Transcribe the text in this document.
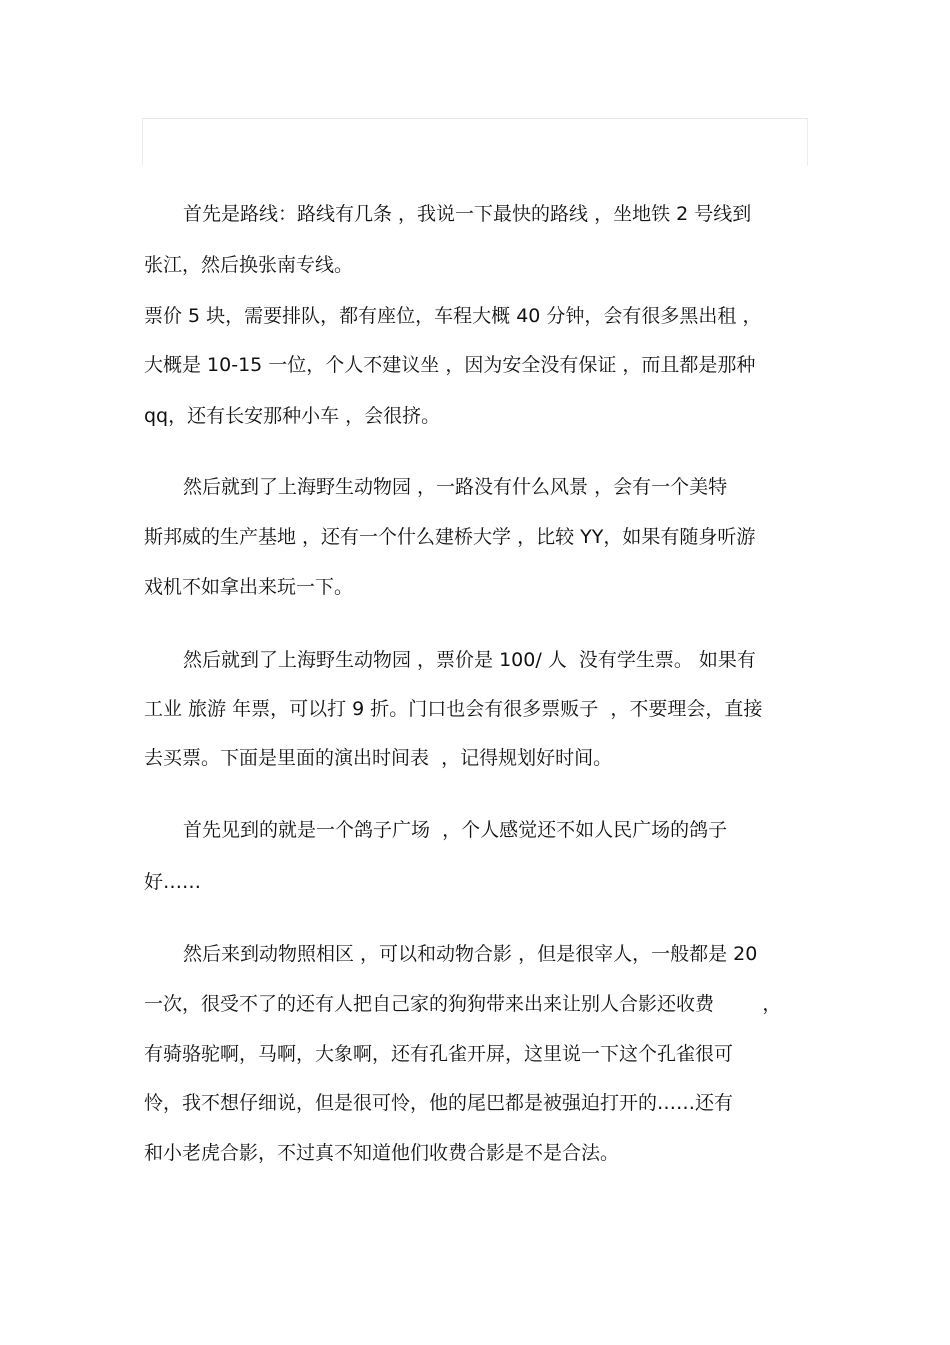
首先是路线：路线有几条 ，我说一下最快的路线 ，坐地铁 2 号线到
张江，然后换张南专线。
票价 5 块，需要排队，都有座位，车程大概 40 分钟，会有很多黑出租 ，
大概是 10-15 一位，个人不建议坐 ，因为安全没有保证 ，而且都是那种
qq，还有长安那种小车 ，会很挤。
然后就到了上海野生动物园 ，一路没有什么风景 ，会有一个美特
斯邦威的生产基地 ，还有一个什么建桥大学 ，比较 YY，如果有随身听游
戏机不如拿出来玩一下。
然后就到了上海野生动物园 ，票价是 100/ 人  没有学生票。 如果有
工业 旅游 年票，可以打 9 折。门口也会有很多票贩子  ，不要理会，直接
去买票。下面是里面的演出时间表  ，记得规划好时间。
首先见到的就是一个鸽子广场  ，个人感觉还不如人民广场的鸽子
好……
然后来到动物照相区 ，可以和动物合影 ，但是很宰人，一般都是 20
一次，很受不了的还有人把自己家的狗狗带来出来让别人合影还收费        ，
有骑骆驼啊，马啊，大象啊，还有孔雀开屏，这里说一下这个孔雀很可
怜，我不想仔细说，但是很可怜，他的尾巴都是被强迫打开的……还有
和小老虎合影，不过真不知道他们收费合影是不是合法。
